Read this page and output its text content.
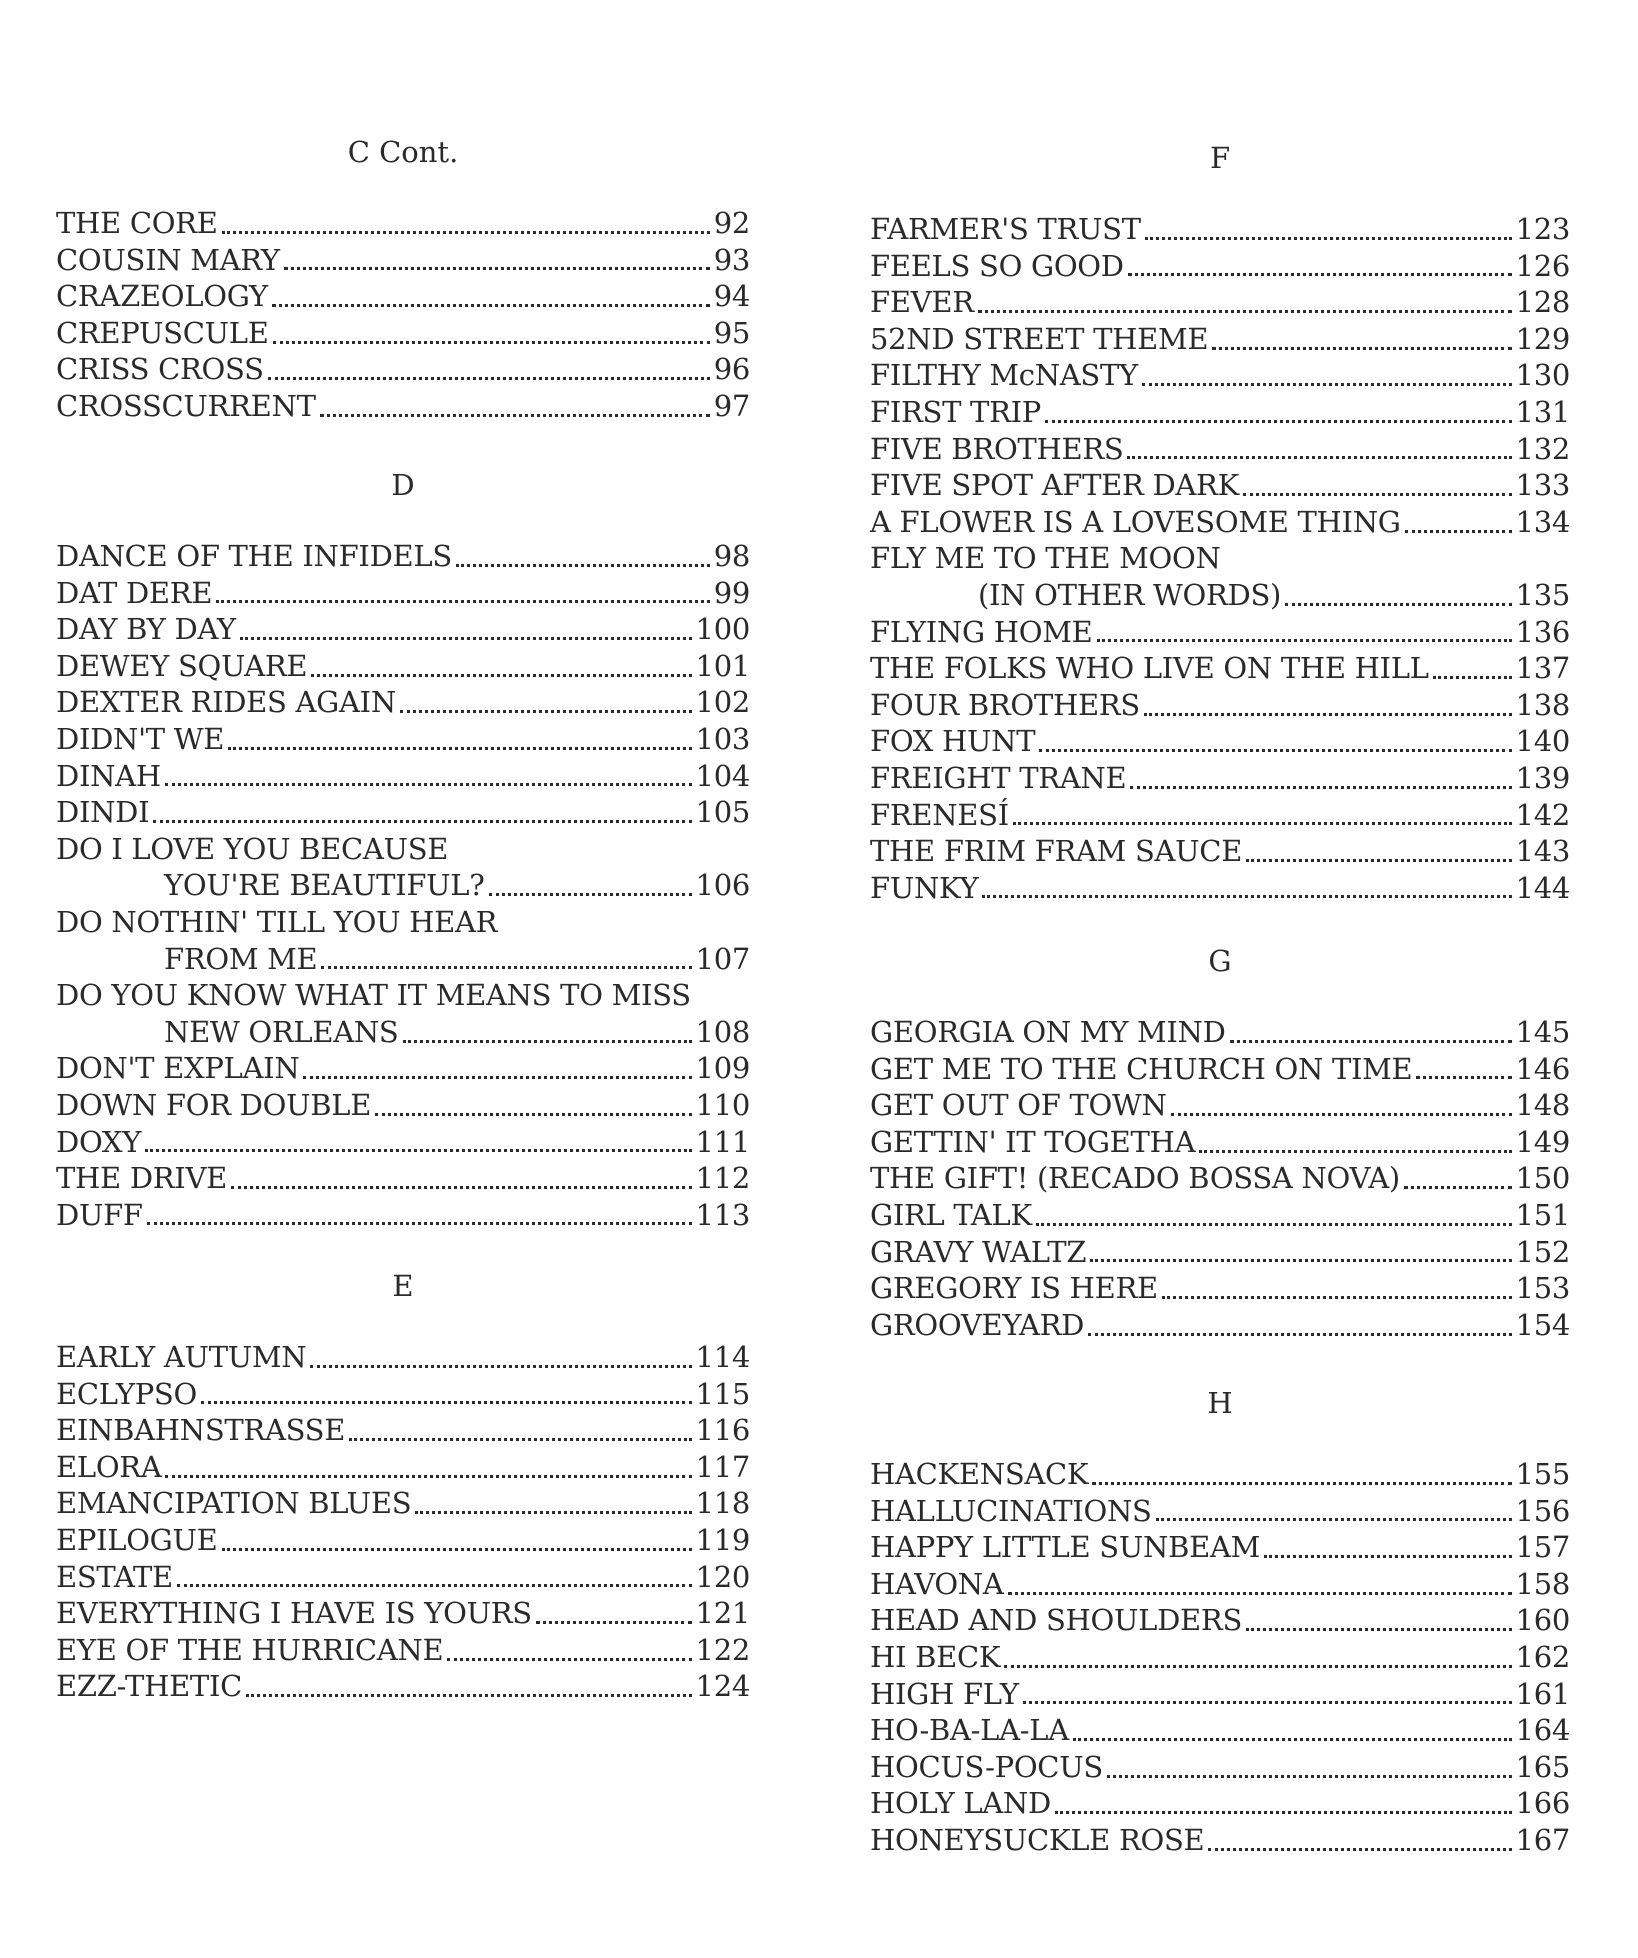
C Cont.
THE CORE	92
COUSIN MARY	93
CRAZEOLOGY	94
CREPUSCULE	95
CRISS CROSS	96
CROSSCURRENT	97
D
DANCE OF THE INFIDELS	98
DAT DERE	99
DAY BY DAY	100
DEWEY SQUARE	101
DEXTER RIDES AGAIN	102
DIDN'T WE	103
DINAH	104
DINDI	105
DO I LOVE YOU BECAUSE
YOU'RE BEAUTIFUL?	106
DO NOTHIN' TILL YOU HEAR
FROM ME	107
DO YOU KNOW WHAT IT MEANS TO MISS
NEW ORLEANS	108
DON'T EXPLAIN	109
DOWN FOR DOUBLE	110
DOXY	111
THE DRIVE	112
DUFF	113
E
EARLY AUTUMN	114
ECLYPSO	115
EINBAHNSTRASSE	116
ELORA	117
EMANCIPATION BLUES	118
EPILOGUE	119
ESTATE	120
EVERYTHING I HAVE IS YOURS	121
EYE OF THE HURRICANE	122
EZZ-THETIC	124
F
FARMER'S TRUST	123
FEELS SO GOOD	126
FEVER	128
52ND STREET THEME	129
FILTHY McNASTY	130
FIRST TRIP	131
FIVE BROTHERS	132
FIVE SPOT AFTER DARK	133
A FLOWER IS A LOVESOME THING	134
FLY ME TO THE MOON
(IN OTHER WORDS)	135
FLYING HOME	136
THE FOLKS WHO LIVE ON THE HILL	137
FOUR BROTHERS	138
FOX HUNT	140
FREIGHT TRANE	139
FRENESÍ	142
THE FRIM FRAM SAUCE	143
FUNKY	144
G
GEORGIA ON MY MIND	145
GET ME TO THE CHURCH ON TIME	146
GET OUT OF TOWN	148
GETTIN' IT TOGETHA	149
THE GIFT! (RECADO BOSSA NOVA)	150
GIRL TALK	151
GRAVY WALTZ	152
GREGORY IS HERE	153
GROOVEYARD	154
H
HACKENSACK	155
HALLUCINATIONS	156
HAPPY LITTLE SUNBEAM	157
HAVONA	158
HEAD AND SHOULDERS	160
HI BECK	162
HIGH FLY	161
HO-BA-LA-LA	164
HOCUS-POCUS	165
HOLY LAND	166
HONEYSUCKLE ROSE	167
